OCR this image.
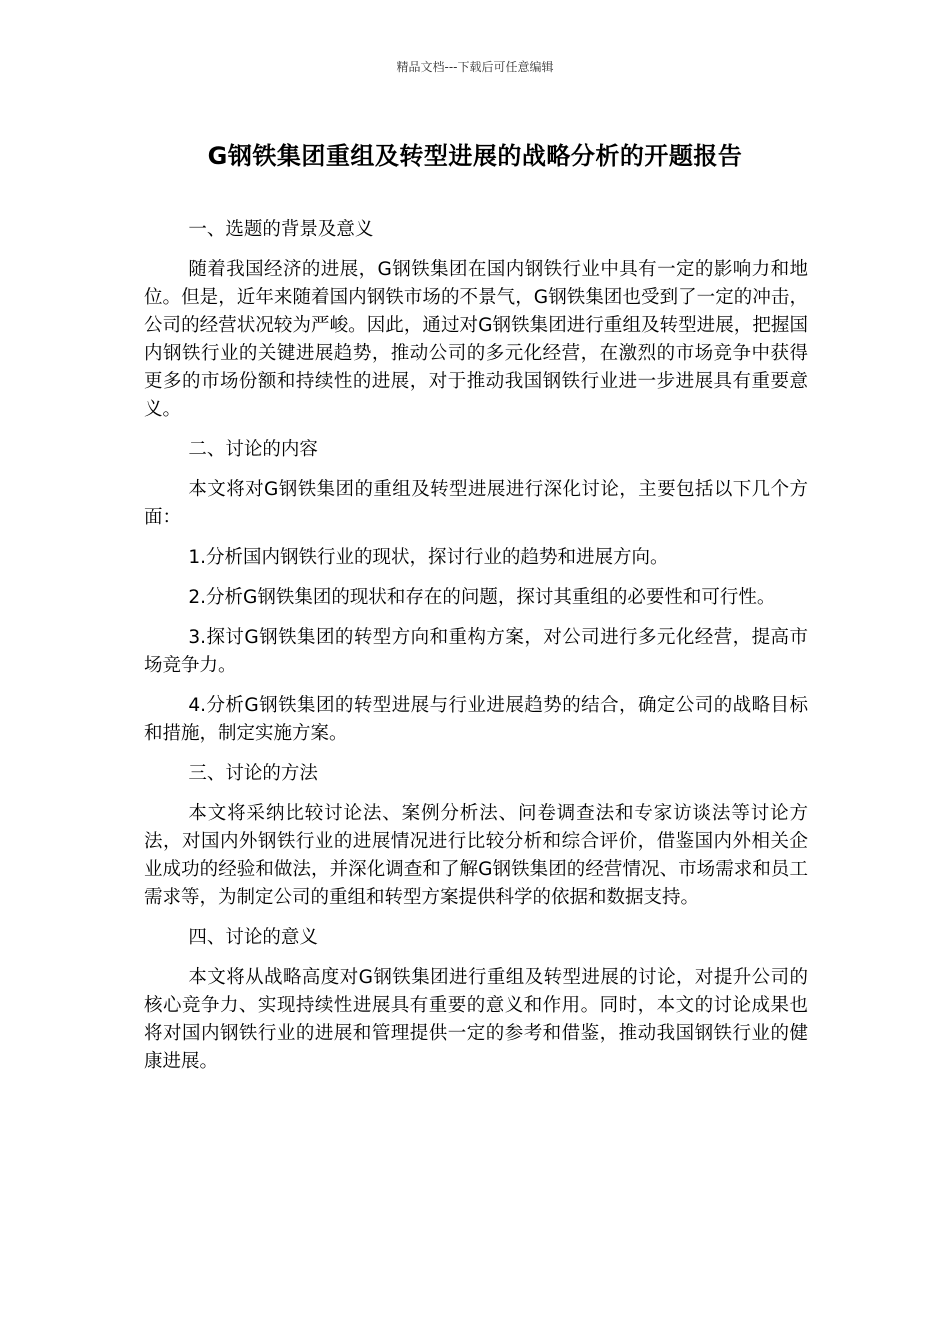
精品文档---下载后可任意编辑
G钢铁集团重组及转型进展的战略分析的开题报告

一、选题的背景及意义

随着我国经济的进展，G钢铁集团在国内钢铁行业中具有一定的影响力和地位。但是，近年来随着国内钢铁市场的不景气，G钢铁集团也受到了一定的冲击，公司的经营状况较为严峻。因此，通过对G钢铁集团进行重组及转型进展，把握国内钢铁行业的关键进展趋势，推动公司的多元化经营，在激烈的市场竞争中获得更多的市场份额和持续性的进展，对于推动我国钢铁行业进一步进展具有重要意义。

二、讨论的内容

本文将对G钢铁集团的重组及转型进展进行深化讨论，主要包括以下几个方面：

1.分析国内钢铁行业的现状，探讨行业的趋势和进展方向。

2.分析G钢铁集团的现状和存在的问题，探讨其重组的必要性和可行性。

3.探讨G钢铁集团的转型方向和重构方案，对公司进行多元化经营，提高市场竞争力。

4.分析G钢铁集团的转型进展与行业进展趋势的结合，确定公司的战略目标和措施，制定实施方案。

三、讨论的方法

本文将采纳比较讨论法、案例分析法、问卷调查法和专家访谈法等讨论方法，对国内外钢铁行业的进展情况进行比较分析和综合评价，借鉴国内外相关企业成功的经验和做法，并深化调查和了解G钢铁集团的经营情况、市场需求和员工需求等，为制定公司的重组和转型方案提供科学的依据和数据支持。

四、讨论的意义

本文将从战略高度对G钢铁集团进行重组及转型进展的讨论，对提升公司的核心竞争力、实现持续性进展具有重要的意义和作用。同时，本文的讨论成果也将对国内钢铁行业的进展和管理提供一定的参考和借鉴，推动我国钢铁行业的健康进展。
